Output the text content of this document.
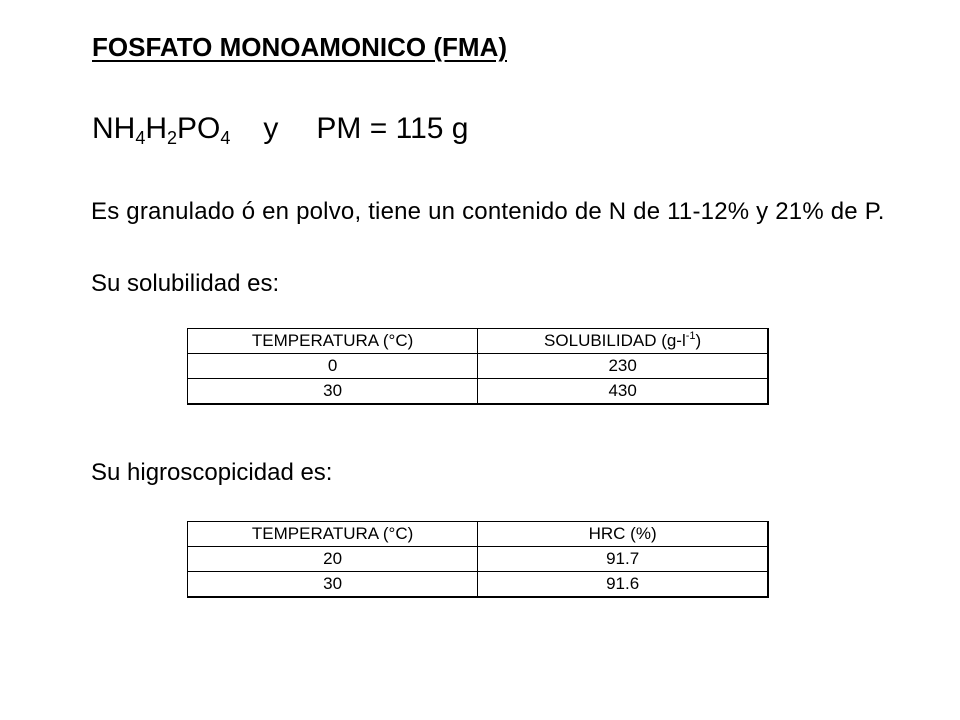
FOSFATO MONOAMONICO (FMA)
$NH_4H_2PO_4$ y PM = 115 g
Es granulado ó en polvo, tiene un contenido de N de 11-12% y 21% de P.
Su solubilidad es:
TEMPERATURA (°C)	SOLUBILIDAD $(g-l^{-1})$
0	230
30	430
Su higroscopicidad es:
TEMPERATURA (°C)	HRC (%)
20	91.7
30	91.6
